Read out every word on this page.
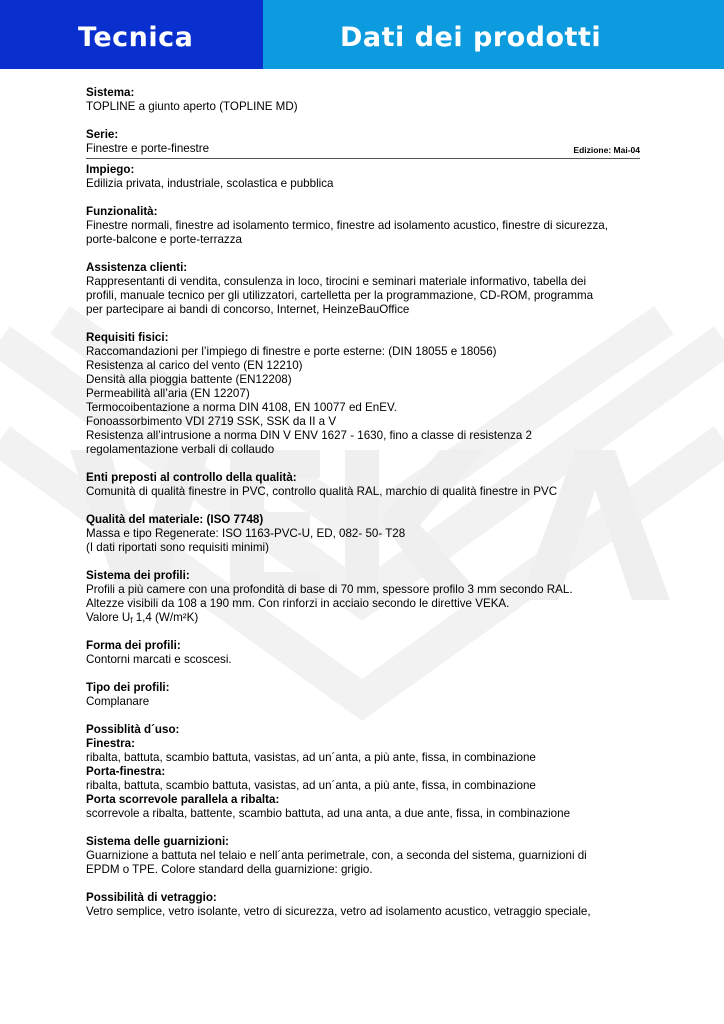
Tecnica	Dati dei prodotti
Sistema:
TOPLINE a giunto aperto (TOPLINE MD)
Serie:
Finestre e porte-finestre	Edizione: Mai-04
Impiego:
Edilizia privata, industriale, scolastica e pubblica
Funzionalità:
Finestre normali, finestre ad isolamento termico, finestre ad isolamento acustico, finestre di sicurezza,
porte-balcone e porte-terrazza
Assistenza clienti:
Rappresentanti di vendita, consulenza in loco, tirocini e seminari materiale informativo, tabella dei
profili, manuale tecnico per gli utilizzatori, cartelletta per la programmazione, CD-ROM, programma
per partecipare ai bandi di concorso, Internet, HeinzeBauOffice
Requisiti fisici:
Raccomandazioni per l’impiego di finestre e porte esterne: (DIN 18055 e 18056)
Resistenza al carico del vento (EN 12210)
Densità alla pioggia battente (EN12208)
Permeabilità all’aria (EN 12207)
Termocoibentazione a norma DIN 4108, EN 10077 ed EnEV.
Fonoassorbimento VDI 2719 SSK, SSK da II a V
Resistenza all’intrusione a norma DIN V ENV 1627 - 1630, fino a classe di resistenza 2
regolamentazione verbali di collaudo
Enti preposti al controllo della qualità:
Comunità di qualità finestre in PVC, controllo qualità RAL, marchio di qualità finestre in PVC
Qualità del materiale: (ISO 7748)
Massa e tipo Regenerate: ISO 1163-PVC-U, ED, 082- 50- T28
(I dati riportati sono requisiti minimi)
Sistema dei profili:
Profili a più camere con una profondità di base di 70 mm, spessore profilo 3 mm secondo RAL.
Altezze visibili da 108 a 190 mm. Con rinforzi in acciaio secondo le direttive VEKA.
Valore $U_f$ 1,4 (W/m²K)
Forma dei profili:
Contorni marcati e scoscesi.
Tipo dei profili:
Complanare
Possiblità d´uso:
Finestra:
ribalta, battuta, scambio battuta, vasistas, ad un´anta, a più ante, fissa, in combinazione
Porta-finestra:
ribalta, battuta, scambio battuta, vasistas, ad un´anta, a più ante, fissa, in combinazione
Porta scorrevole parallela a ribalta:
scorrevole a ribalta, battente, scambio battuta, ad una anta, a due ante, fissa, in combinazione
Sistema delle guarnizioni:
Guarnizione a battuta nel telaio e nell´anta perimetrale, con, a seconda del sistema, guarnizioni di
EPDM o TPE. Colore standard della guarnizione: grigio.
Possibilità di vetraggio:
Vetro semplice, vetro isolante, vetro di sicurezza, vetro ad isolamento acustico, vetraggio speciale,
